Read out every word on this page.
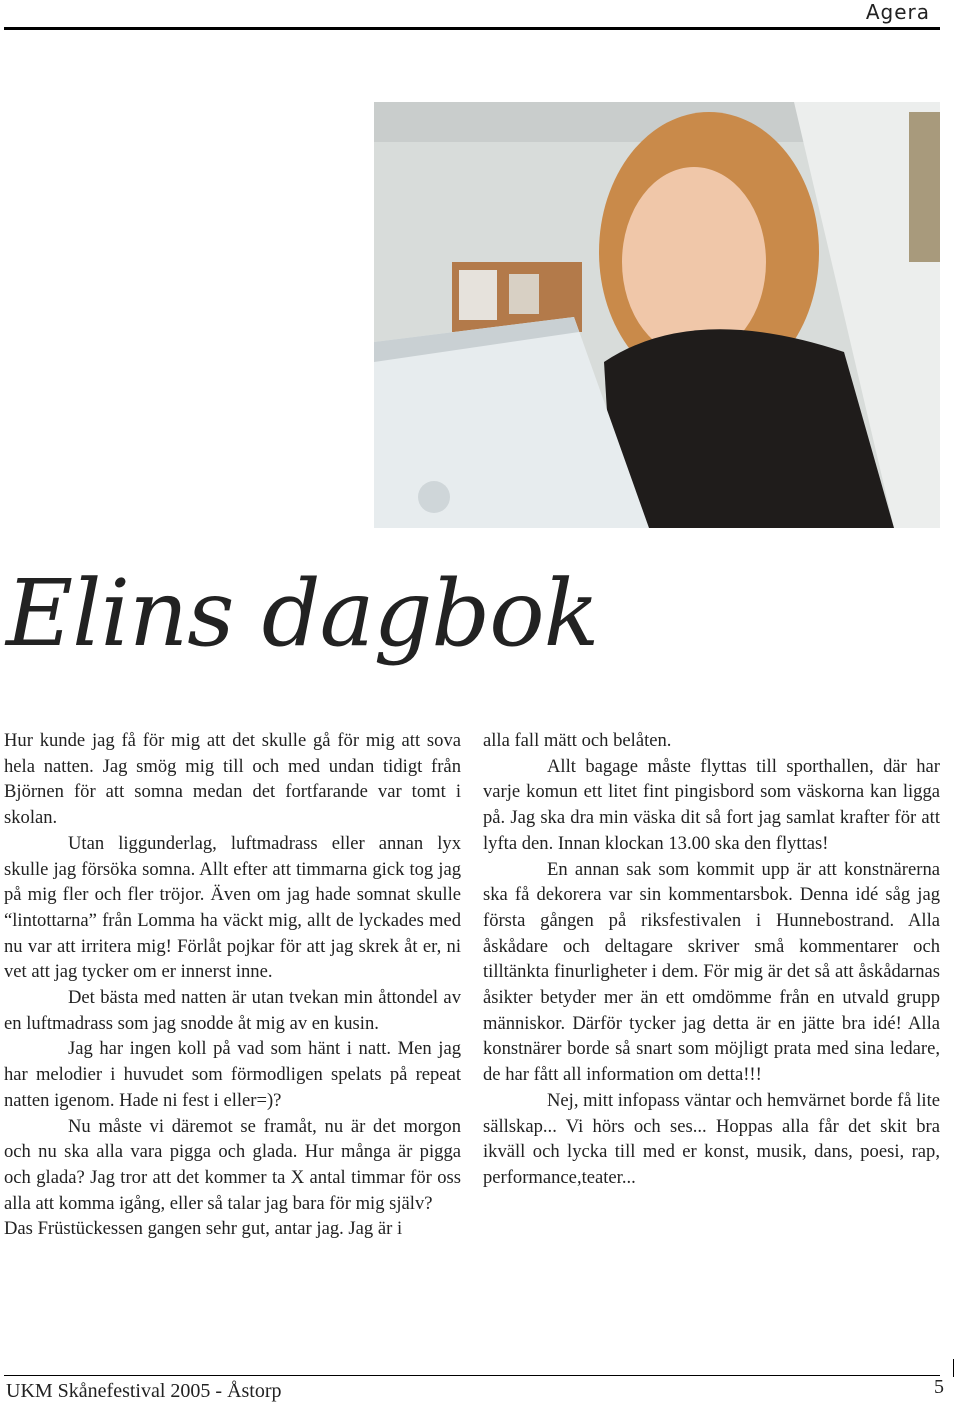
Agera
Elins dagbok

Hur kunde jag få för mig att det skulle gå för mig att sova hela natten. Jag smög mig till och med undan tidigt från Björnen för att somna medan det fortfarande var tomt i skolan.

Utan liggunderlag, luftmadrass eller annan lyx skulle jag försöka somna. Allt efter att timmarna gick tog jag på mig fler och fler tröjor. Även om jag hade somnat skulle “lintottarna” från Lomma ha väckt mig, allt de lyckades med nu var att irritera mig! Förlåt pojkar för att jag skrek åt er, ni vet att jag tycker om er innerst inne.

Det bästa med natten är utan tvekan min åttondel av en luftmadrass som jag snodde åt mig av en kusin.

Jag har ingen koll på vad som hänt i natt. Men jag har melodier i huvudet som förmodligen spelats på repeat natten igenom. Hade ni fest i eller=)?

Nu måste vi däremot se framåt, nu är det morgon och nu ska alla vara pigga och glada. Hur många är pigga och glada? Jag tror att det kommer ta X antal timmar för oss alla att komma igång, eller så talar jag bara för mig själv?

Das Früstückessen gangen sehr gut, antar jag. Jag är i

alla fall mätt och belåten.

Allt bagage måste flyttas till sporthallen, där har varje komun ett litet fint pingisbord som väskorna kan ligga på. Jag ska dra min väska dit så fort jag samlat krafter för att lyfta den. Innan klockan 13.00 ska den flyttas!

En annan sak som kommit upp är att konstnärerna ska få dekorera var sin kommentarsbok. Denna idé såg jag första gången på riksfestivalen i Hunnebostrand. Alla åskådare och deltagare skriver små kommentarer och tilltänkta finurligheter i dem. För mig är det så att åskådarnas åsikter betyder mer än ett omdömme från en utvald grupp människor. Därför tycker jag detta är en jätte bra idé! Alla konstnärer borde så snart som möjligt prata med sina ledare, de har fått all information om detta!!!

Nej, mitt infopass väntar och hemvärnet borde få lite sällskap... Vi hörs och ses... Hoppas alla får det skit bra ikväll och lycka till med er konst, musik, dans, poesi, rap, performance,teater...

UKM Skånefestival 2005 - Åstorp	5
